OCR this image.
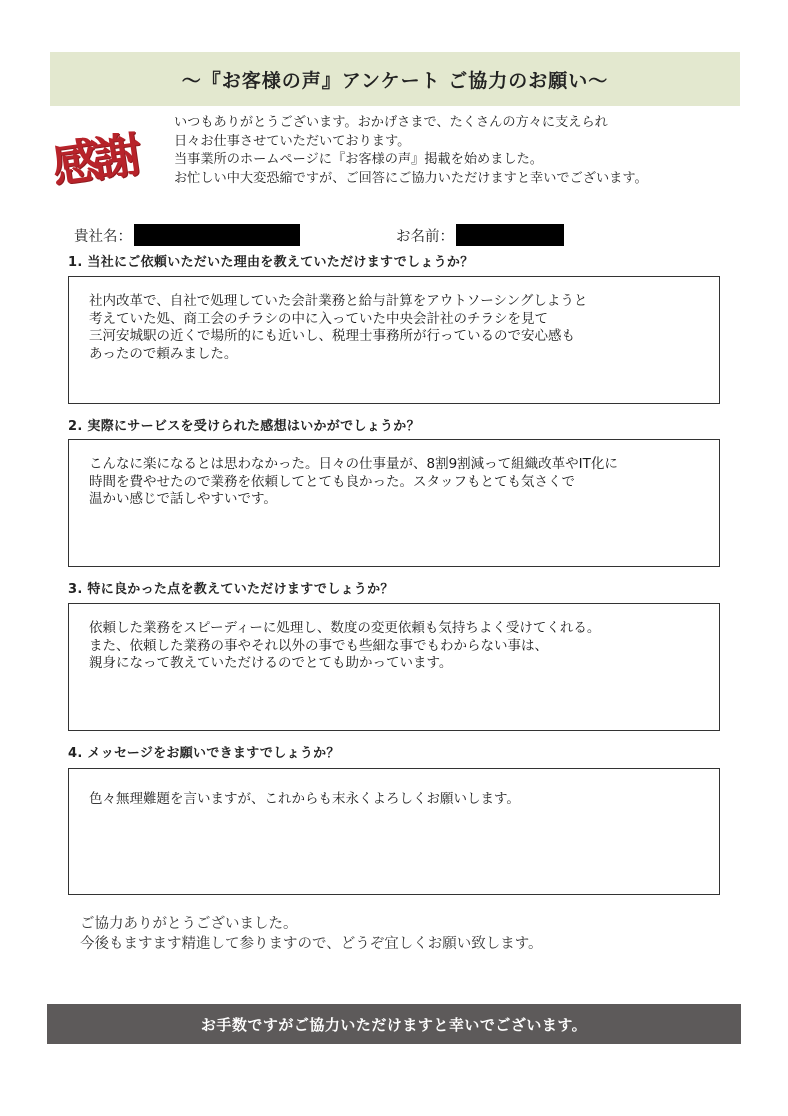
～『お客様の声』アンケート ご協力のお願い～
感謝
いつもありがとうございます。おかげさまで、たくさんの方々に支えられ
日々お仕事させていただいております。
当事業所のホームページに『お客様の声』掲載を始めました。
お忙しい中大変恐縮ですが、ご回答にご協力いただけますと幸いでございます。
貴社名：	お名前：
1. 当社にご依頼いただいた理由を教えていただけますでしょうか？
社内改革で、自社で処理していた会計業務と給与計算をアウトソーシングしようと
考えていた処、商工会のチラシの中に入っていた中央会計社のチラシを見て
三河安城駅の近くで場所的にも近いし、税理士事務所が行っているので安心感も
あったので頼みました。
2. 実際にサービスを受けられた感想はいかがでしょうか？
こんなに楽になるとは思わなかった。日々の仕事量が、8割9割減って組織改革やIT化に
時間を費やせたので業務を依頼してとても良かった。スタッフもとても気さくで
温かい感じで話しやすいです。
3. 特に良かった点を教えていただけますでしょうか？
依頼した業務をスピーディーに処理し、数度の変更依頼も気持ちよく受けてくれる。
また、依頼した業務の事やそれ以外の事でも些細な事でもわからない事は、
親身になって教えていただけるのでとても助かっています。
4. メッセージをお願いできますでしょうか？
色々無理難題を言いますが、これからも末永くよろしくお願いします。
ご協力ありがとうございました。
今後もますます精進して参りますので、どうぞ宜しくお願い致します。
お手数ですがご協力いただけますと幸いでございます。
